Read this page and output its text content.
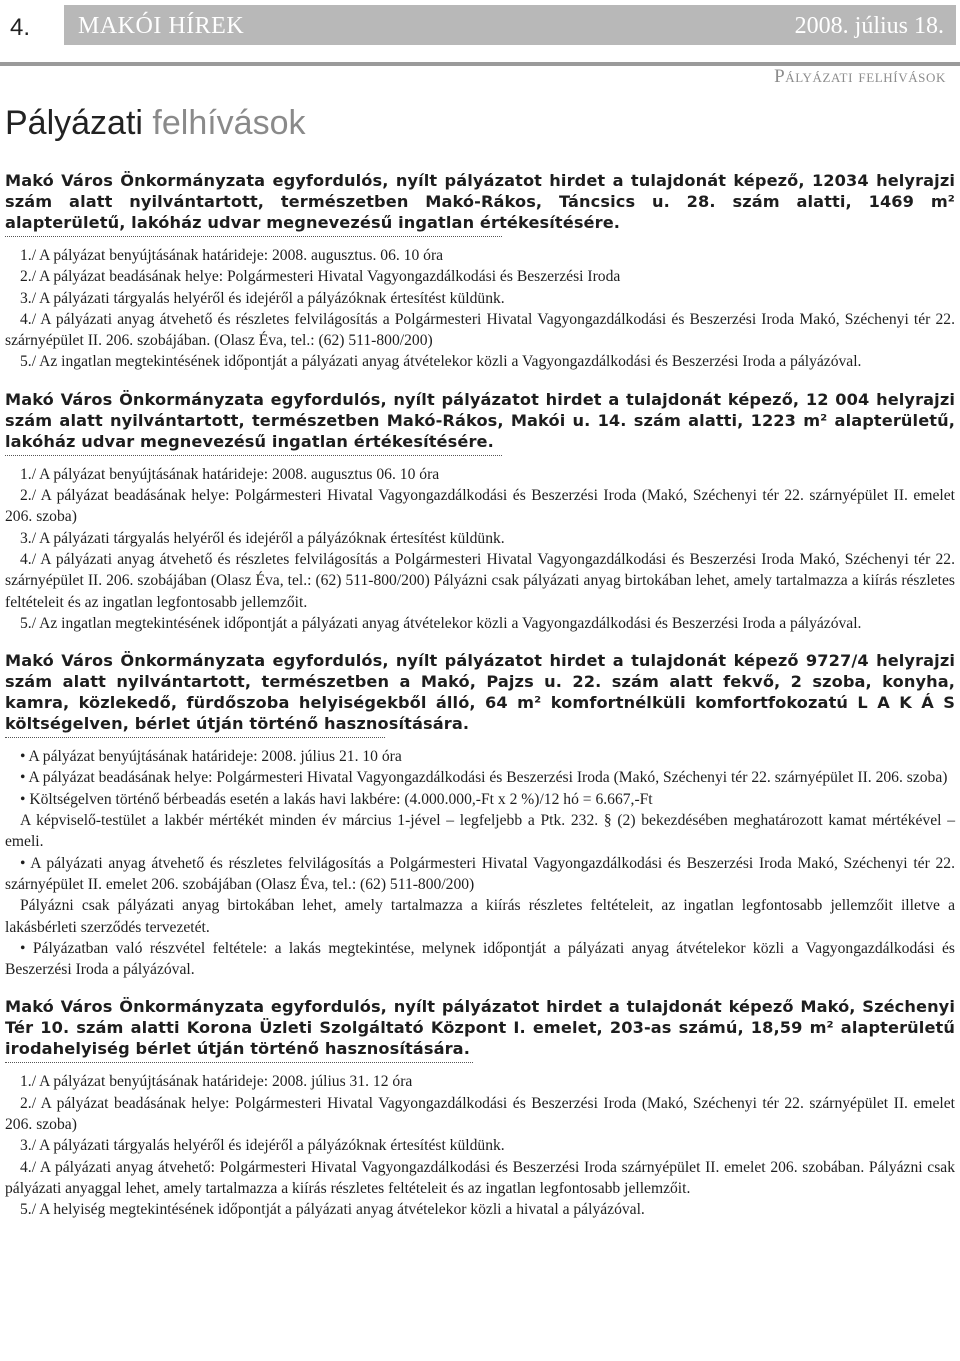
4.	MAKÓI HÍREK	2008. július 18.
Pályázati felhívások
Pályázati felhívások
Makó Város Önkormányzata egyfordulós, nyílt pályázatot hirdet a tulajdonát képező, 12034 helyrajzi szám alatt nyilvántartott, természetben Makó-Rákos, Táncsics u. 28. szám alatti, 1469 m² alapterületű, lakóház udvar megnevezésű ingatlan értékesítésére.
1./ A pályázat benyújtásának határideje: 2008. augusztus. 06. 10 óra
2./ A pályázat beadásának helye: Polgármesteri Hivatal Vagyongazdálkodási és Beszerzési Iroda
3./ A pályázati tárgyalás helyéről és idejéről a pályázóknak értesítést küldünk.
4./ A pályázati anyag átvehető és részletes felvilágosítás a Polgármesteri Hivatal Vagyongazdálkodási és Beszerzési Iroda Makó, Széchenyi tér 22. szárnyépület II. 206. szobájában. (Olasz Éva, tel.: (62) 511-800/200)
5./ Az ingatlan megtekintésének időpontját a pályázati anyag átvételekor közli a Vagyongazdálkodási és Beszerzési Iroda a pályázóval.
Makó Város Önkormányzata egyfordulós, nyílt pályázatot hirdet a tulajdonát képező, 12 004 helyrajzi szám alatt nyilvántartott, természetben Makó-Rákos, Makói u. 14. szám alatti, 1223 m² alapterületű, lakóház udvar megnevezésű ingatlan értékesítésére.
1./ A pályázat benyújtásának határideje: 2008. augusztus 06. 10 óra
2./ A pályázat beadásának helye: Polgármesteri Hivatal Vagyongazdálkodási és Beszerzési Iroda (Makó, Széchenyi tér 22. szárnyépület II. emelet 206. szoba)
3./ A pályázati tárgyalás helyéről és idejéről a pályázóknak értesítést küldünk.
4./ A pályázati anyag átvehető és részletes felvilágosítás a Polgármesteri Hivatal Vagyongazdálkodási és Beszerzési Iroda Makó, Széchenyi tér 22. szárnyépület II. 206. szobájában (Olasz Éva, tel.: (62) 511-800/200) Pályázni csak pályázati anyag birtokában lehet, amely tartalmazza a kiírás részletes feltételeit és az ingatlan legfontosabb jellemzőit.
5./ Az ingatlan megtekintésének időpontját a pályázati anyag átvételekor közli a Vagyongazdálkodási és Beszerzési Iroda a pályázóval.
Makó Város Önkormányzata egyfordulós, nyílt pályázatot hirdet a tulajdonát képező 9727/4 helyrajzi szám alatt nyilvántartott, természetben a Makó, Pajzs u. 22. szám alatt fekvő, 2 szoba, konyha, kamra, közlekedő, fürdőszoba helyiségekből álló, 64 m² komfortnélküli komfortfokozatú L A K Á S költségelven, bérlet útján történő hasznosítására.
• A pályázat benyújtásának határideje: 2008. július 21. 10 óra
• A pályázat beadásának helye: Polgármesteri Hivatal Vagyongazdálkodási és Beszerzési Iroda (Makó, Széchenyi tér 22. szárnyépület II. 206. szoba)
• Költségelven történő bérbeadás esetén a lakás havi lakbére: (4.000.000,-Ft x 2 %)/12 hó = 6.667,-Ft
A képviselő-testület a lakbér mértékét minden év március 1-jével – legfeljebb a Ptk. 232. § (2) bekezdésében meghatározott kamat mértékével – emeli.
• A pályázati anyag átvehető és részletes felvilágosítás a Polgármesteri Hivatal Vagyongazdálkodási és Beszerzési Iroda Makó, Széchenyi tér 22. szárnyépület II. emelet 206. szobájában (Olasz Éva, tel.: (62) 511-800/200)
Pályázni csak pályázati anyag birtokában lehet, amely tartalmazza a kiírás részletes feltételeit, az ingatlan legfontosabb jellemzőit illetve a lakásbérleti szerződés tervezetét.
• Pályázatban való részvétel feltétele: a lakás megtekintése, melynek időpontját a pályázati anyag átvételekor közli a Vagyongazdálkodási és Beszerzési Iroda a pályázóval.
Makó Város Önkormányzata egyfordulós, nyílt pályázatot hirdet a tulajdonát képező Makó, Széchenyi Tér 10. szám alatti Korona Üzleti Szolgáltató Központ I. emelet, 203-as számú, 18,59 m² alapterületű irodahelyiség bérlet útján történő hasznosítására.
1./ A pályázat benyújtásának határideje: 2008. július 31. 12 óra
2./ A pályázat beadásának helye: Polgármesteri Hivatal Vagyongazdálkodási és Beszerzési Iroda (Makó, Széchenyi tér 22. szárnyépület II. emelet 206. szoba)
3./ A pályázati tárgyalás helyéről és idejéről a pályázóknak értesítést küldünk.
4./ A pályázati anyag átvehető: Polgármesteri Hivatal Vagyongazdálkodási és Beszerzési Iroda szárnyépület II. emelet 206. szobában. Pályázni csak pályázati anyaggal lehet, amely tartalmazza a kiírás részletes feltételeit és az ingatlan legfontosabb jellemzőit.
5./ A helyiség megtekintésének időpontját a pályázati anyag átvételekor közli a hivatal a pályázóval.
